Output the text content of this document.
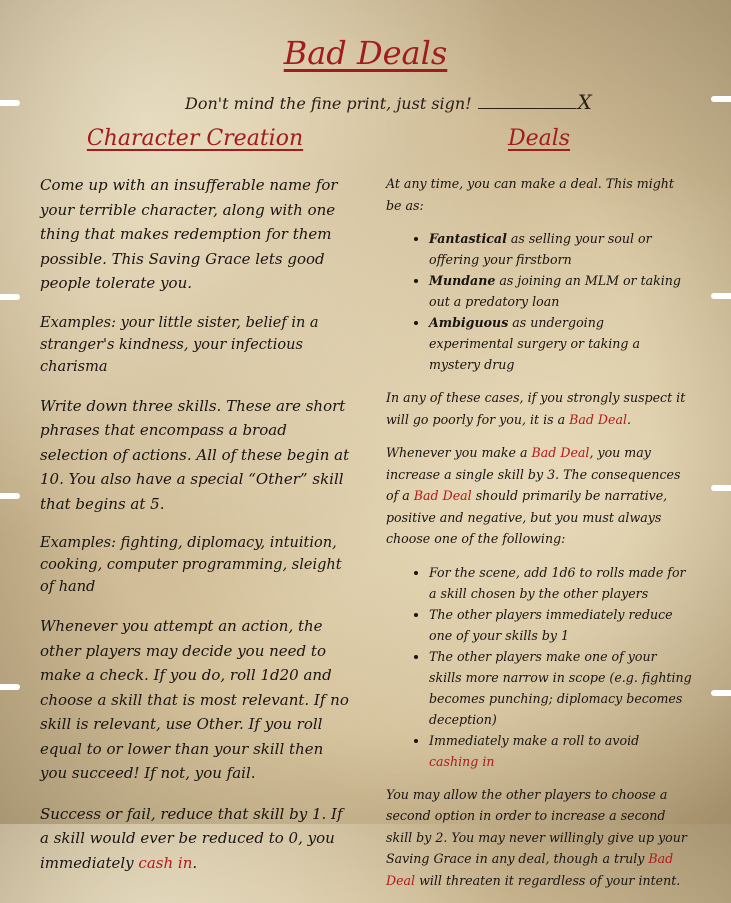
Bad Deals
Don't mind the fine print, just sign!	X
Character Creation

Come up with an insufferable name for your terrible character, along with one thing that makes redemption for them possible. This Saving Grace lets good people tolerate you.

Examples: your little sister, belief in a stranger's kindness, your infectious charisma

Write down three skills. These are short phrases that encompass a broad selection of actions. All of these begin at 10. You also have a special “Other” skill that begins at 5.

Examples: fighting, diplomacy, intuition, cooking, computer programming, sleight of hand

Whenever you attempt an action, the other players may decide you need to make a check. If you do, roll 1d20 and choose a skill that is most relevant. If no skill is relevant, use Other. If you roll equal to or lower than your skill then you succeed! If not, you fail.

Success or fail, reduce that skill by 1. If a skill would ever be reduced to 0, you immediately cash in.

Deals

At any time, you can make a deal. This might be as:

• Fantastical as selling your soul or offering your firstborn
• Mundane as joining an MLM or taking out a predatory loan
• Ambiguous as undergoing experimental surgery or taking a mystery drug

In any of these cases, if you strongly suspect it will go poorly for you, it is a Bad Deal.

Whenever you make a Bad Deal, you may increase a single skill by 3. The consequences of a Bad Deal should primarily be narrative, positive and negative, but you must always choose one of the following:

• For the scene, add 1d6 to rolls made for a skill chosen by the other players
• The other players immediately reduce one of your skills by 1
• The other players make one of your skills more narrow in scope (e.g. fighting becomes punching; diplomacy becomes deception)
• Immediately make a roll to avoid cashing in

You may allow the other players to choose a second option in order to increase a second skill by 2. You may never willingly give up your Saving Grace in any deal, though a truly Bad Deal will threaten it regardless of your intent.
